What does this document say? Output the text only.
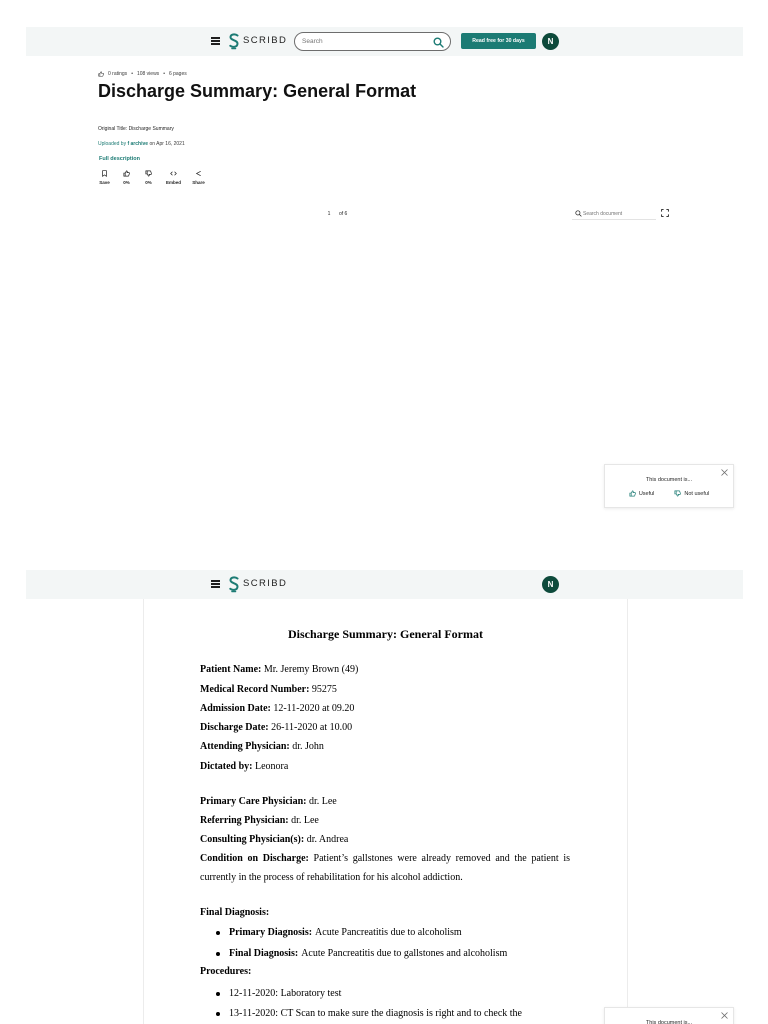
SCRIBD
Search	Read free for 30 days	N
0 ratings • 108 views • 6 pages
Discharge Summary: General Format
Original Title: Discharge Summary
Uploaded by f archive on Apr 16, 2021
Full description
Save	0%	0%	Embed Share
1	of 6
Search document
This document is...
Useful	Not useful
SCRIBD	N
Discharge Summary: General Format
Patient Name: Mr. Jeremy Brown (49)
Medical Record Number: 95275
Admission Date: 12-11-2020 at 09.20
Discharge Date: 26-11-2020 at 10.00
Attending Physician: dr. John
Dictated by: Leonora
Primary Care Physician: dr. Lee
Referring Physician: dr. Lee
Consulting Physician(s): dr. Andrea
Condition on Discharge: Patient’s gallstones were already removed and the patient is currently in the process of rehabilitation for his alcohol addiction.
Final Diagnosis:
Primary Diagnosis: Acute Pancreatitis due to alcoholism
Final Diagnosis: Acute Pancreatitis due to gallstones and alcoholism
Procedures:
12-11-2020: Laboratory test
13-11-2020: CT Scan to make sure the diagnosis is right and to check the
This document is...
